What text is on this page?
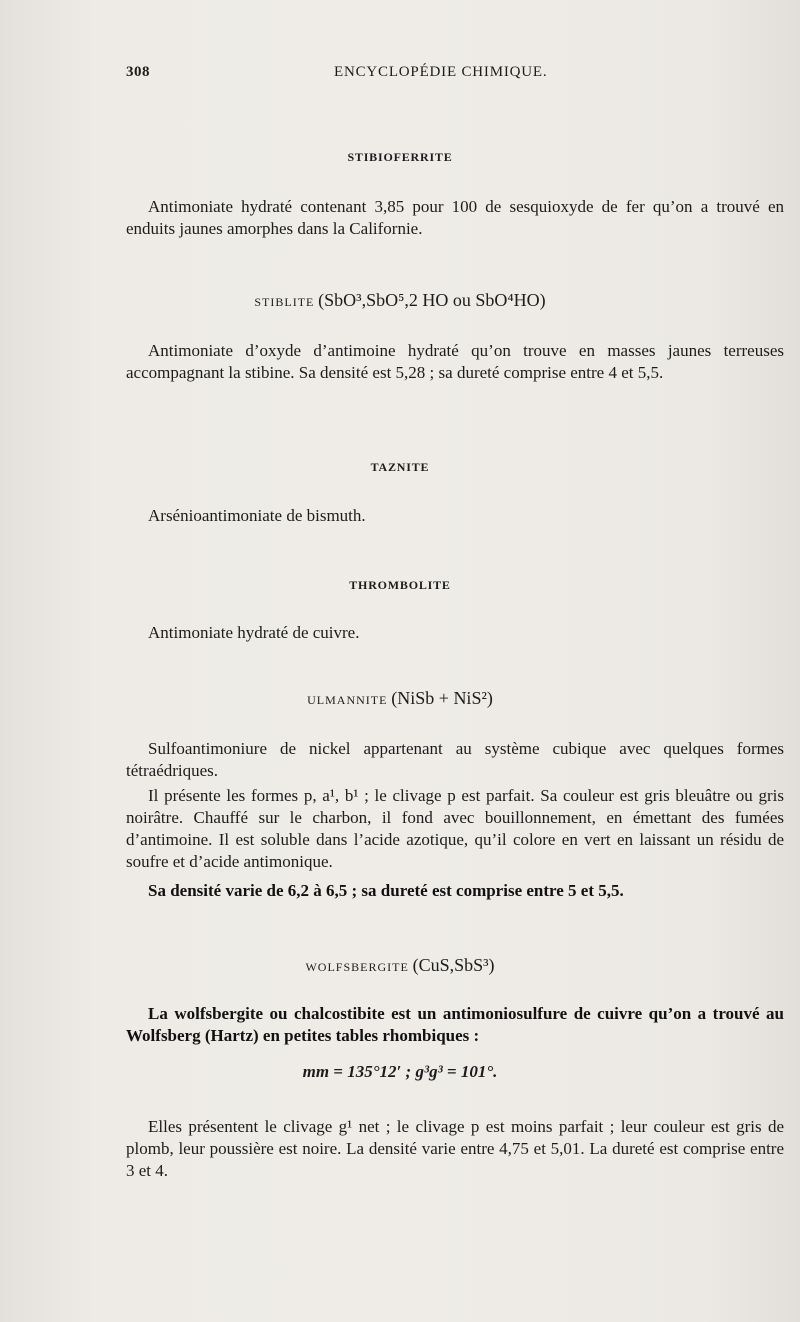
308	ENCYCLOPÉDIE CHIMIQUE.
STIBIOFERRITE
Antimoniate hydraté contenant 3,85 pour 100 de sesquioxyde de fer qu’on a trouvé en enduits jaunes amorphes dans la Californie.
STIBLITE (SbO³,SbO⁵,2 HO ou SbO⁴HO)
Antimoniate d’oxyde d’antimoine hydraté qu’on trouve en masses jaunes terreuses accompagnant la stibine. Sa densité est 5,28 ; sa dureté comprise entre 4 et 5,5.
TAZNITE
Arsénioantimoniate de bismuth.
THROMBOLITE
Antimoniate hydraté de cuivre.
ULMANNITE (NiSb + NiS²)
Sulfoantimoniure de nickel appartenant au système cubique avec quelques formes tétraédriques.
Il présente les formes p, a¹, b¹ ; le clivage p est parfait. Sa couleur est gris bleuâtre ou gris noirâtre. Chauffé sur le charbon, il fond avec bouillonnement, en émettant des fumées d’antimoine. Il est soluble dans l’acide azotique, qu’il colore en vert en laissant un résidu de soufre et d’acide antimonique.
Sa densité varie de 6,2 à 6,5 ; sa dureté est comprise entre 5 et 5,5.
WOLFSBERGITE (CuS,SbS³)
La wolfsbergite ou chalcostibite est un antimoniosulfure de cuivre qu’on a trouvé au Wolfsberg (Hartz) en petites tables rhombiques :
mm = 135°12′ ; g³g³ = 101°.
Elles présentent le clivage g¹ net ; le clivage p est moins parfait ; leur couleur est gris de plomb, leur poussière est noire. La densité varie entre 4,75 et 5,01. La dureté est comprise entre 3 et 4.
